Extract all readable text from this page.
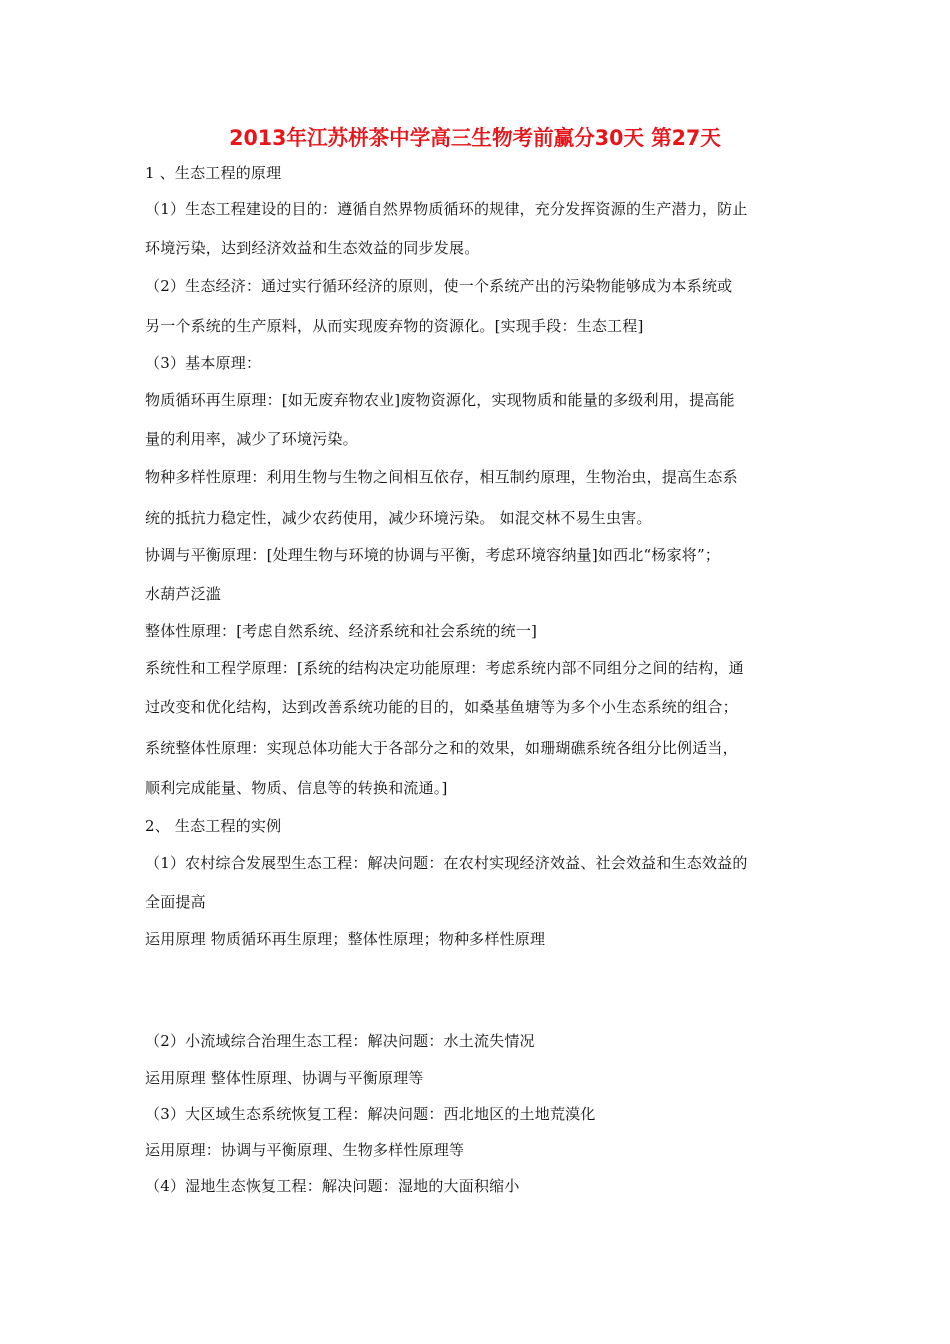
2013年江苏栟茶中学高三生物考前赢分30天 第27天
1 、生态工程的原理
（1）生态工程建设的目的：遵循自然界物质循环的规律，充分发挥资源的生产潜力，防止
环境污染，达到经济效益和生态效益的同步发展。
（2）生态经济：通过实行循环经济的原则，使一个系统产出的污染物能够成为本系统或
另一个系统的生产原料，从而实现废弃物的资源化。[实现手段：生态工程]
（3）基本原理：
物质循环再生原理：[如无废弃物农业]废物资源化，实现物质和能量的多级利用，提高能
量的利用率，减少了环境污染。
物种多样性原理：利用生物与生物之间相互依存，相互制约原理，生物治虫，提高生态系
统的抵抗力稳定性，减少农药使用，减少环境污染。 如混交林不易生虫害。
协调与平衡原理：[处理生物与环境的协调与平衡，考虑环境容纳量]如西北“杨家将”；
水葫芦泛滥
整体性原理：[考虑自然系统、经济系统和社会系统的统一]
系统性和工程学原理：[系统的结构决定功能原理：考虑系统内部不同组分之间的结构，通
过改变和优化结构，达到改善系统功能的目的，如桑基鱼塘等为多个小生态系统的组合；
系统整体性原理：实现总体功能大于各部分之和的效果，如珊瑚礁系统各组分比例适当，
顺利完成能量、物质、信息等的转换和流通。]
2、 生态工程的实例
（1）农村综合发展型生态工程：解决问题：在农村实现经济效益、社会效益和生态效益的
全面提高
运用原理 物质循环再生原理；整体性原理；物种多样性原理
（2）小流域综合治理生态工程：解决问题：水土流失情况
运用原理 整体性原理、协调与平衡原理等
（3）大区域生态系统恢复工程：解决问题：西北地区的土地荒漠化
运用原理：协调与平衡原理、生物多样性原理等
（4）湿地生态恢复工程：解决问题：湿地的大面积缩小
